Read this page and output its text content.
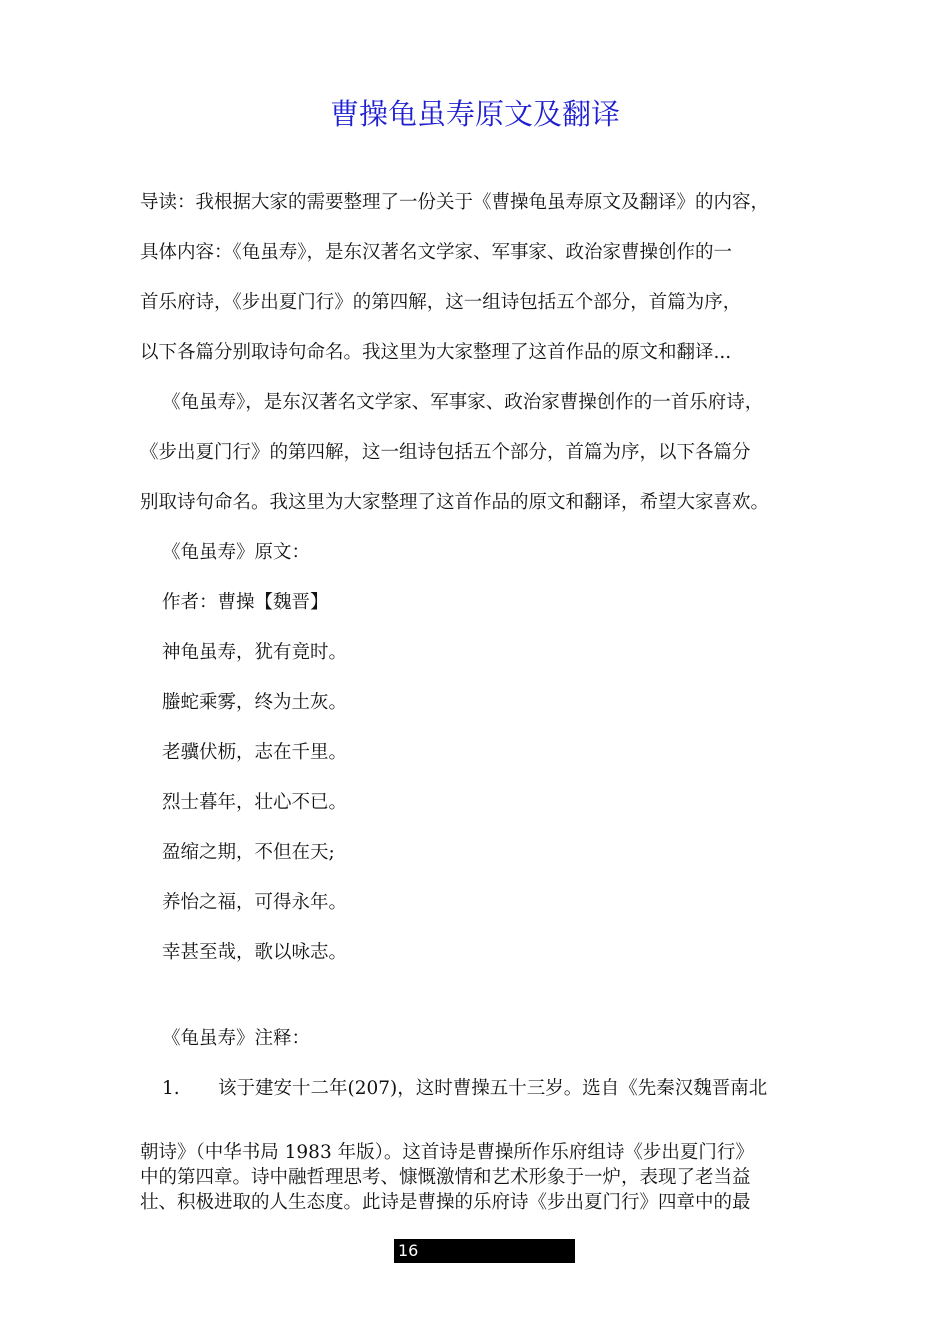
曹操龟虽寿原文及翻译
导读：我根据大家的需要整理了一份关于《曹操龟虽寿原文及翻译》的内容，
具体内容：《龟虽寿》，是东汉著名文学家、军事家、政治家曹操创作的一
首乐府诗，《步出夏门行》的第四解，这一组诗包括五个部分，首篇为序，
以下各篇分别取诗句命名。我这里为大家整理了这首作品的原文和翻译...
《龟虽寿》，是东汉著名文学家、军事家、政治家曹操创作的一首乐府诗，
《步出夏门行》的第四解，这一组诗包括五个部分，首篇为序，以下各篇分
别取诗句命名。我这里为大家整理了这首作品的原文和翻译，希望大家喜欢。
《龟虽寿》原文：
作者：曹操【魏晋】
神龟虽寿，犹有竟时。
螣蛇乘雾，终为土灰。
老骥伏枥，志在千里。
烈士暮年，壮心不已。
盈缩之期，不但在天;
养怡之福，可得永年。
幸甚至哉，歌以咏志。
《龟虽寿》注释：
1. 该于建安十二年(207)，这时曹操五十三岁。选自《先秦汉魏晋南北
朝诗》（中华书局 1983 年版）。这首诗是曹操所作乐府组诗《步出夏门行》
中的第四章。诗中融哲理思考、慷慨激情和艺术形象于一炉，表现了老当益
壮、积极进取的人生态度。此诗是曹操的乐府诗《步出夏门行》四章中的最
16
